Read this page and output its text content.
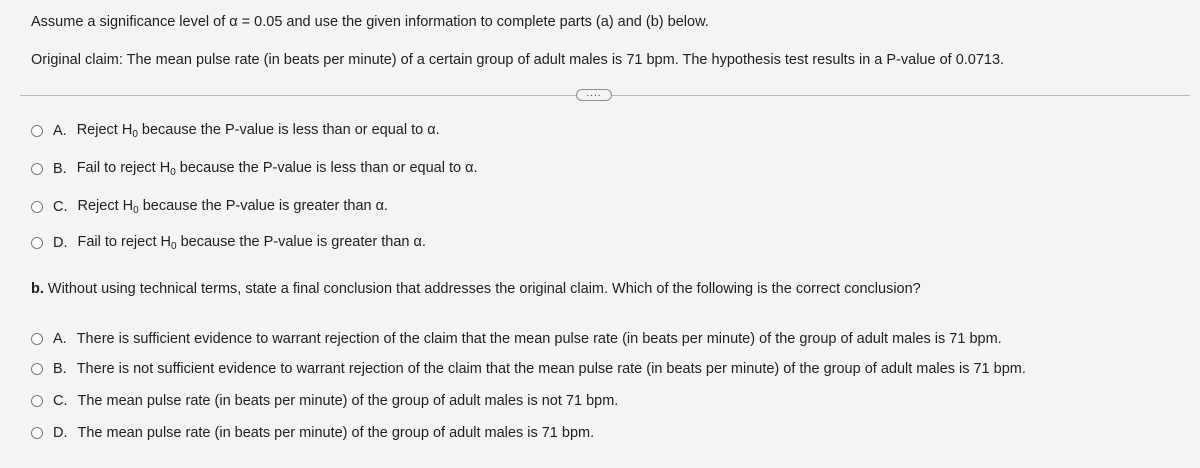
Assume a significance level of α = 0.05 and use the given information to complete parts (a) and (b) below.
Original claim: The mean pulse rate (in beats per minute) of a certain group of adult males is 71 bpm. The hypothesis test results in a P-value of 0.0713.
....
A. Reject $H_0$ because the P-value is less than or equal to α.
B. Fail to reject $H_0$ because the P-value is less than or equal to α.
C. Reject $H_0$ because the P-value is greater than α.
D. Fail to reject $H_0$ because the P-value is greater than α.
b. Without using technical terms, state a final conclusion that addresses the original claim. Which of the following is the correct conclusion?
A. There is sufficient evidence to warrant rejection of the claim that the mean pulse rate (in beats per minute) of the group of adult males is 71 bpm.
B. There is not sufficient evidence to warrant rejection of the claim that the mean pulse rate (in beats per minute) of the group of adult males is 71 bpm.
C. The mean pulse rate (in beats per minute) of the group of adult males is not 71 bpm.
D. The mean pulse rate (in beats per minute) of the group of adult males is 71 bpm.
